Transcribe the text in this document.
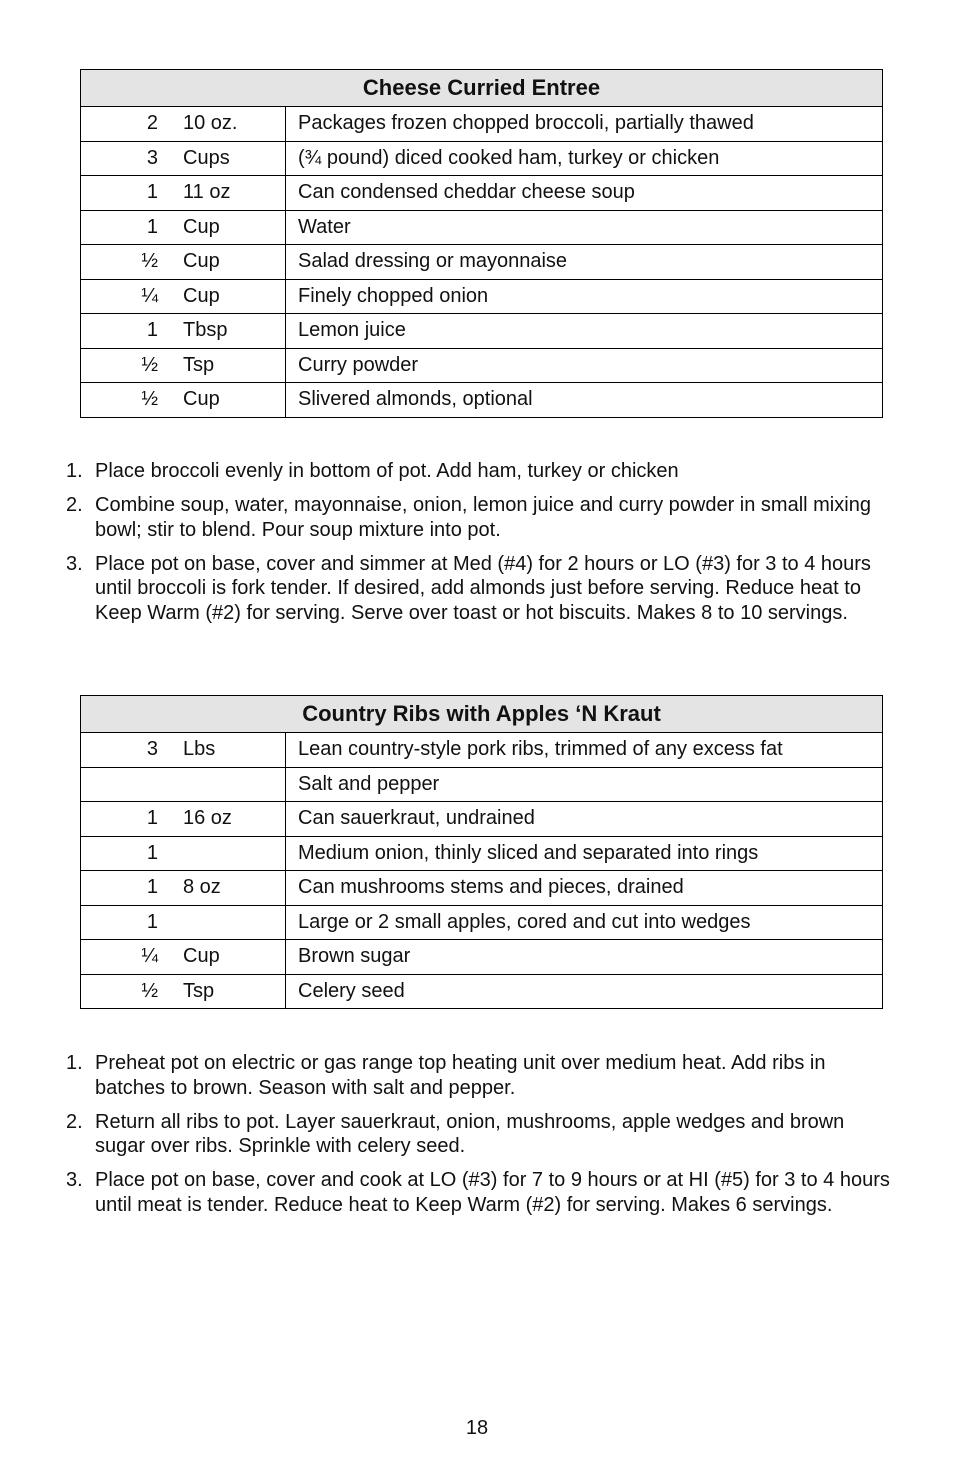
Cheese Curried Entree	

2 10 oz.	Packages frozen chopped broccoli, partially thawed

3 Cups	(¾ pound) diced cooked ham, turkey or chicken

1 11 oz	Can condensed cheddar cheese soup

1 Cup	Water

½ Cup	Salad dressing or mayonnaise

¼ Cup	Finely chopped onion

1 Tbsp	Lemon juice

½ Tsp	Curry powder

½ Cup	Slivered almonds, optional
1. Place broccoli evenly in bottom of pot. Add ham, turkey or chicken
2. Combine soup, water, mayonnaise, onion, lemon juice and curry powder in small mixing bowl; stir to blend. Pour soup mixture into pot.
3. Place pot on base, cover and simmer at Med (#4) for 2 hours or LO (#3) for 3 to 4 hours until broccoli is fork tender. If desired, add almonds just before serving. Reduce heat to Keep Warm (#2) for serving. Serve over toast or hot biscuits. Makes 8 to 10 servings.
Country Ribs with Apples ‘N Kraut	

3 Lbs	Lean country-style pork ribs, trimmed of any excess fat

	Salt and pepper

1 16 oz	Can sauerkraut, undrained

1	Medium onion, thinly sliced and separated into rings

1 8 oz	Can mushrooms stems and pieces, drained

1	Large or 2 small apples, cored and cut into wedges

¼ Cup	Brown sugar

½ Tsp	Celery seed
1. Preheat pot on electric or gas range top heating unit over medium heat. Add ribs in batches to brown. Season with salt and pepper.
2. Return all ribs to pot. Layer sauerkraut, onion, mushrooms, apple wedges and brown sugar over ribs. Sprinkle with celery seed.
3. Place pot on base, cover and cook at LO (#3) for 7 to 9 hours or at HI (#5) for 3 to 4 hours until meat is tender. Reduce heat to Keep Warm (#2) for serving. Makes 6 servings.
18
